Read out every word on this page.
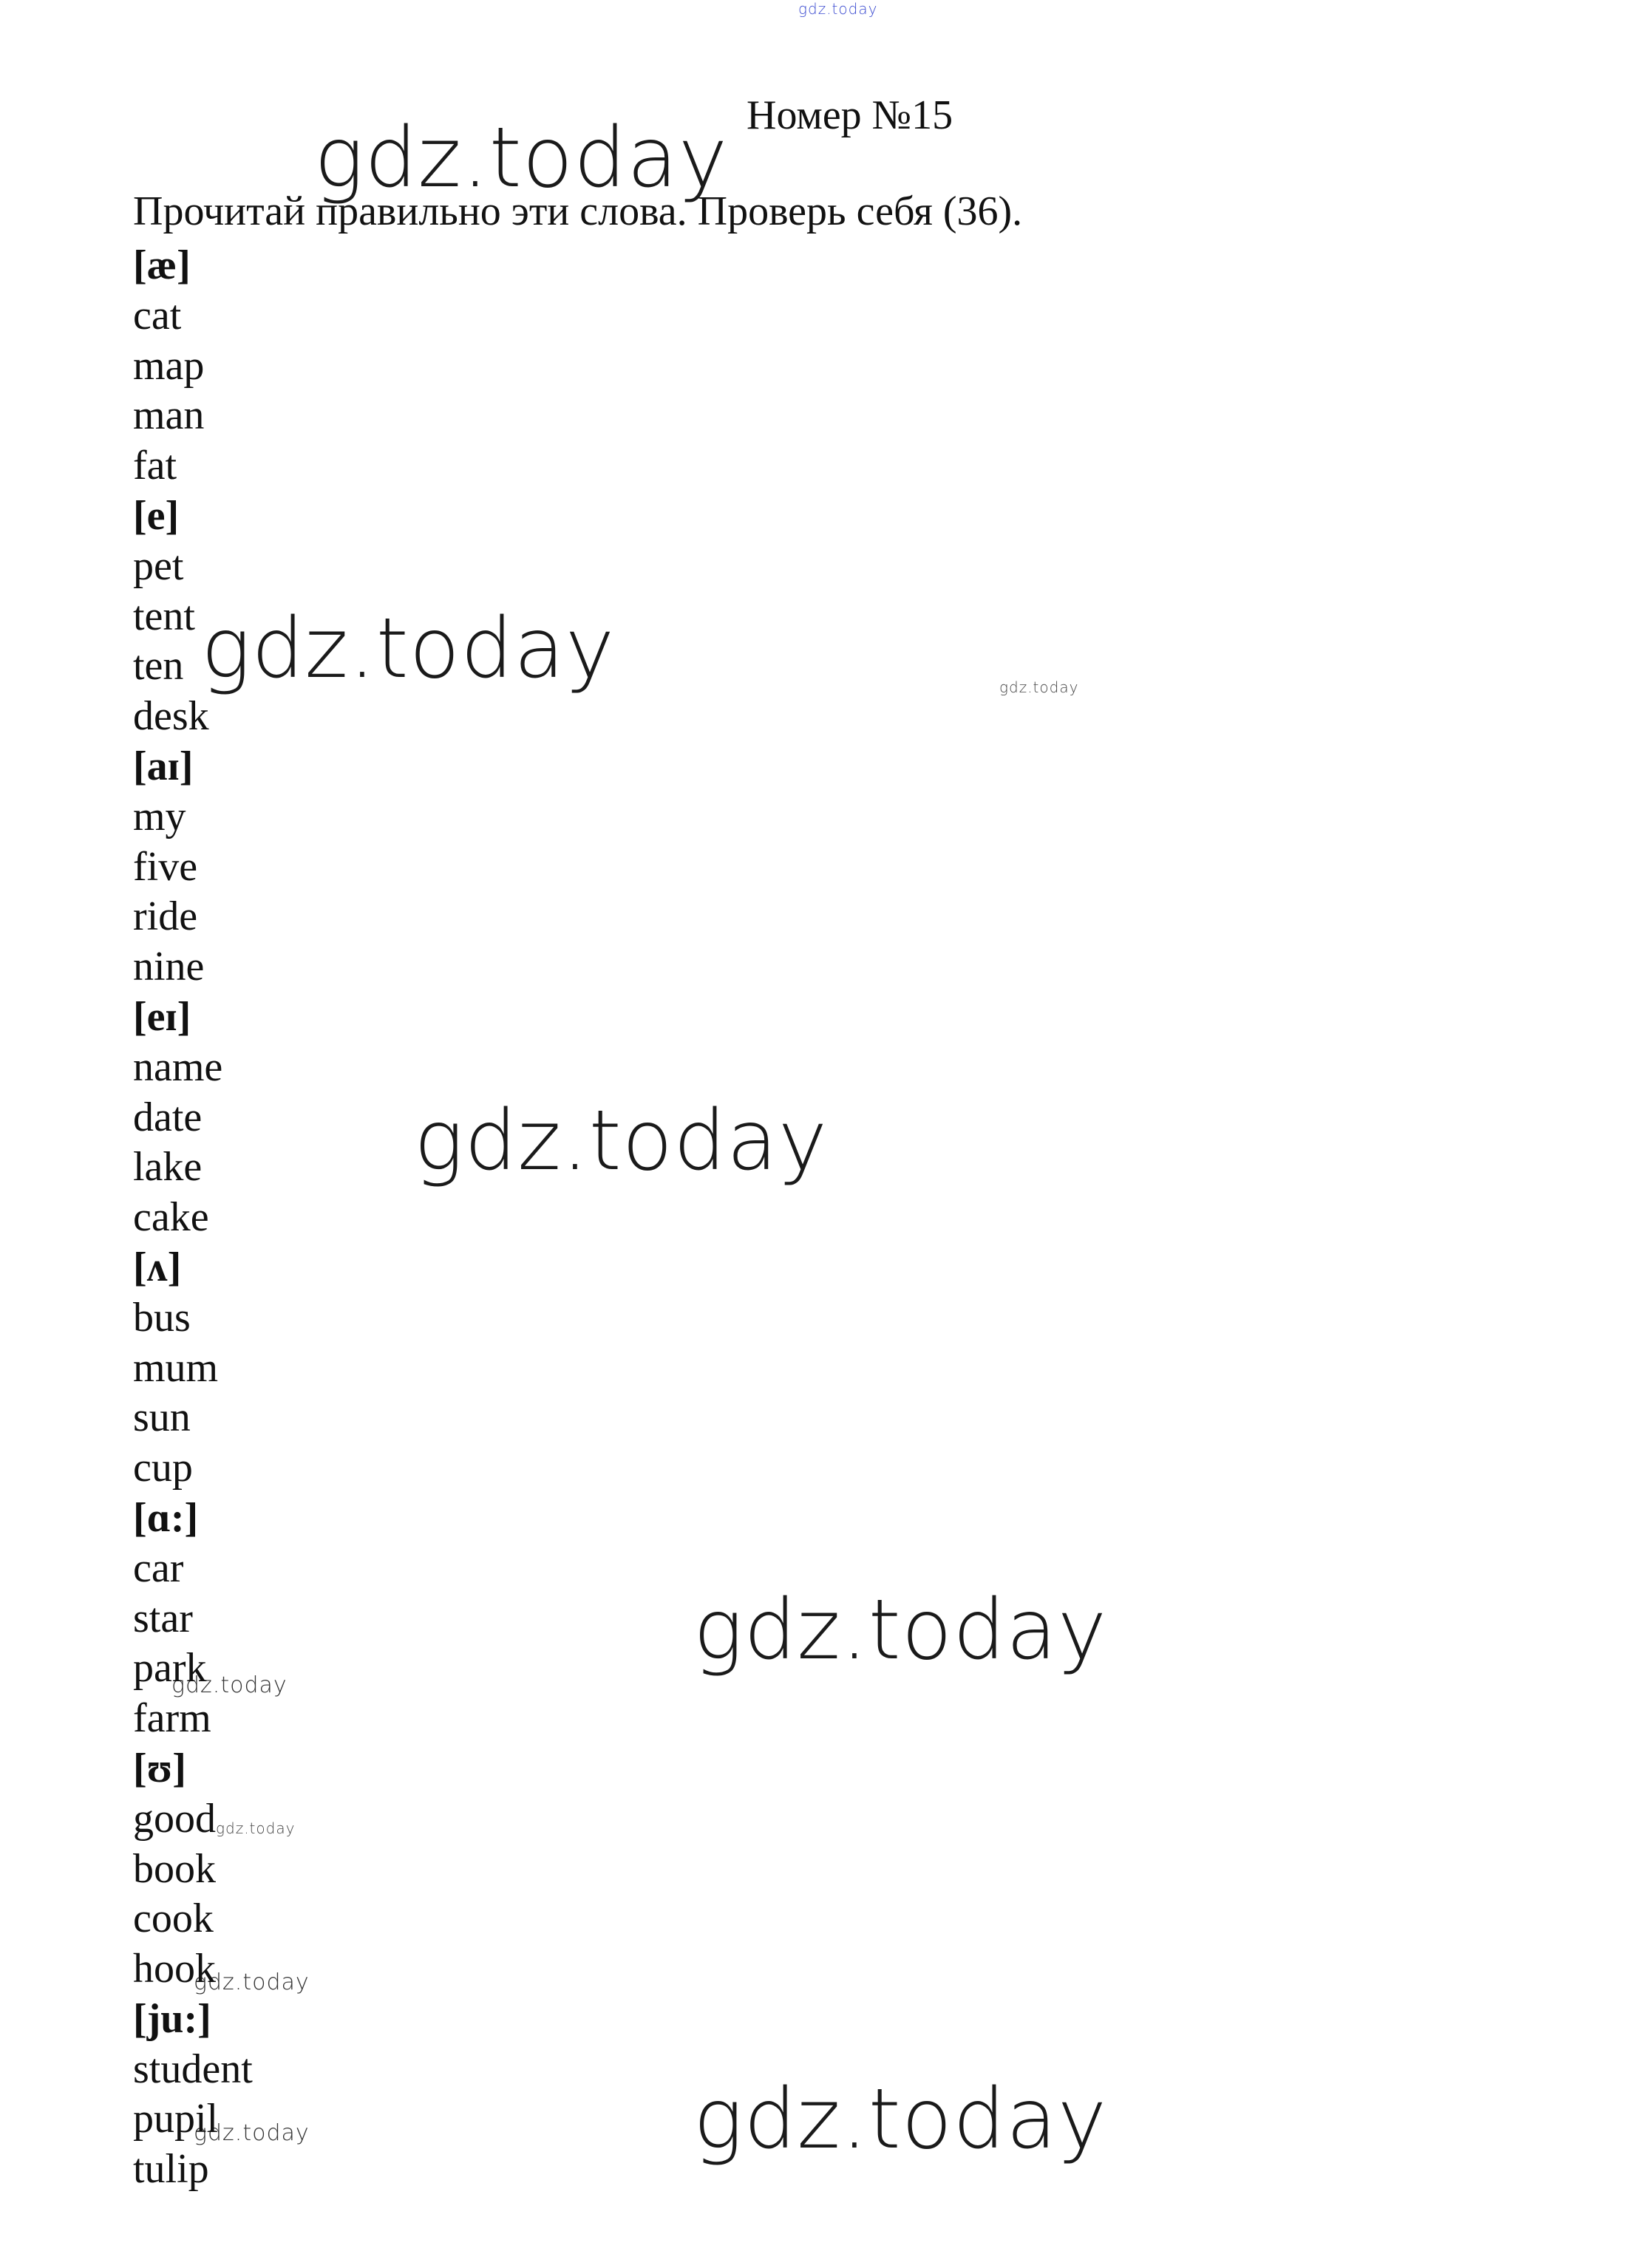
gdz.today
gdz.today
gdz.today	gdz.today
gdz.today
gdz.today
gdz.today
gdz.today
gdz.today
gdz.today
gdz.today
Номер №15
Прочитай правильно эти слова. Проверь себя (36).
[æ]
cat
map
man
fat
[e]
pet
tent
ten
desk
[aɪ]
my
five
ride
nine
[eɪ]
name
date
lake
cake
[ʌ]
bus
mum
sun
cup
[ɑ:]
car
star
park
farm
[ʊ]
good
book
cook
hook
[ju:]
student
pupil
tulip
